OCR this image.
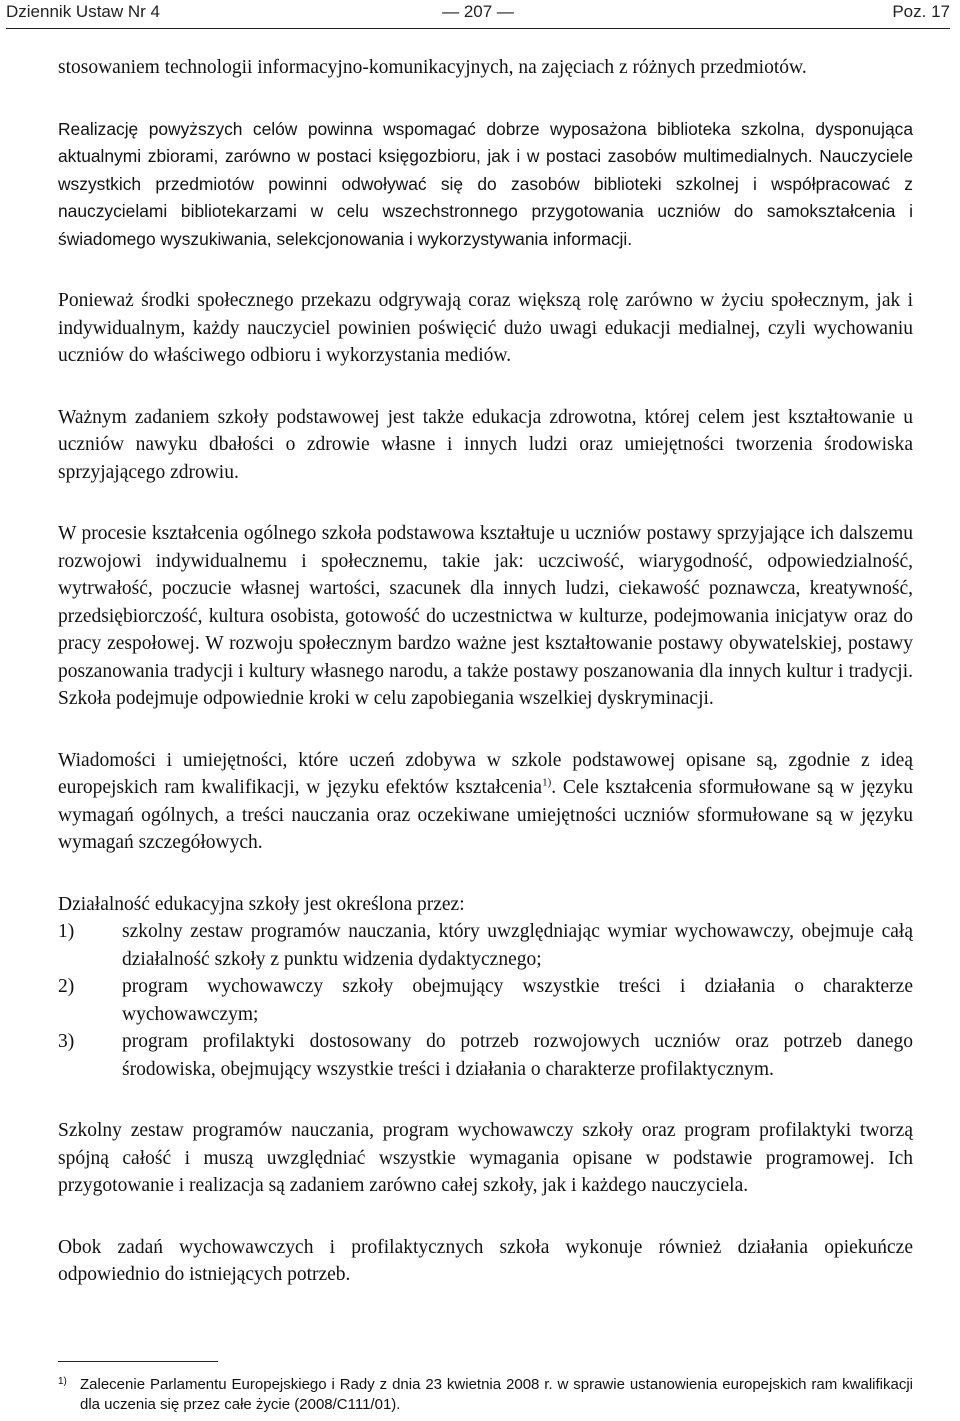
Dziennik Ustaw Nr 4	— 207 —	Poz. 17

stosowaniem technologii informacyjno-komunikacyjnych, na zajęciach z różnych przedmiotów.

Realizację powyższych celów powinna wspomagać dobrze wyposażona biblioteka szkolna, dysponująca aktualnymi zbiorami, zarówno w postaci księgozbioru, jak i w postaci zasobów multimedialnych. Nauczyciele wszystkich przedmiotów powinni odwoływać się do zasobów biblioteki szkolnej i współpracować z nauczycielami bibliotekarzami w celu wszechstronnego przygotowania uczniów do samokształcenia i świadomego wyszukiwania, selekcjonowania i wykorzystywania informacji.

Ponieważ środki społecznego przekazu odgrywają coraz większą rolę zarówno w życiu społecznym, jak i indywidualnym, każdy nauczyciel powinien poświęcić dużo uwagi edukacji medialnej, czyli wychowaniu uczniów do właściwego odbioru i wykorzystania mediów.

Ważnym zadaniem szkoły podstawowej jest także edukacja zdrowotna, której celem jest kształtowanie u uczniów nawyku dbałości o zdrowie własne i innych ludzi oraz umiejętności tworzenia środowiska sprzyjającego zdrowiu.

W procesie kształcenia ogólnego szkoła podstawowa kształtuje u uczniów postawy sprzyjające ich dalszemu rozwojowi indywidualnemu i społecznemu, takie jak: uczciwość, wiarygodność, odpowiedzialność, wytrwałość, poczucie własnej wartości, szacunek dla innych ludzi, ciekawość poznawcza, kreatywność, przedsiębiorczość, kultura osobista, gotowość do uczestnictwa w kulturze, podejmowania inicjatyw oraz do pracy zespołowej. W rozwoju społecznym bardzo ważne jest kształtowanie postawy obywatelskiej, postawy poszanowania tradycji i kultury własnego narodu, a także postawy poszanowania dla innych kultur i tradycji. Szkoła podejmuje odpowiednie kroki w celu zapobiegania wszelkiej dyskryminacji.

Wiadomości i umiejętności, które uczeń zdobywa w szkole podstawowej opisane są, zgodnie z ideą europejskich ram kwalifikacji, w języku efektów kształcenia$^{1)}$. Cele kształcenia sformułowane są w języku wymagań ogólnych, a treści nauczania oraz oczekiwane umiejętności uczniów sformułowane są w języku wymagań szczegółowych.

Działalność edukacyjna szkoły jest określona przez:

1)	szkolny zestaw programów nauczania, który uwzględniając wymiar wychowawczy, obejmuje całą działalność szkoły z punktu widzenia dydaktycznego;
2)	program wychowawczy szkoły obejmujący wszystkie treści i działania o charakterze wychowawczym;
3)	program profilaktyki dostosowany do potrzeb rozwojowych uczniów oraz potrzeb danego środowiska, obejmujący wszystkie treści i działania o charakterze profilaktycznym.

Szkolny zestaw programów nauczania, program wychowawczy szkoły oraz program profilaktyki tworzą spójną całość i muszą uwzględniać wszystkie wymagania opisane w podstawie programowej. Ich przygotowanie i realizacja są zadaniem zarówno całej szkoły, jak i każdego nauczyciela.

Obok zadań wychowawczych i profilaktycznych szkoła wykonuje również działania opiekuńcze odpowiednio do istniejących potrzeb.

1) Zalecenie Parlamentu Europejskiego i Rady z dnia 23 kwietnia 2008 r. w sprawie ustanowienia europejskich ram kwalifikacji dla uczenia się przez całe życie (2008/C111/01).
